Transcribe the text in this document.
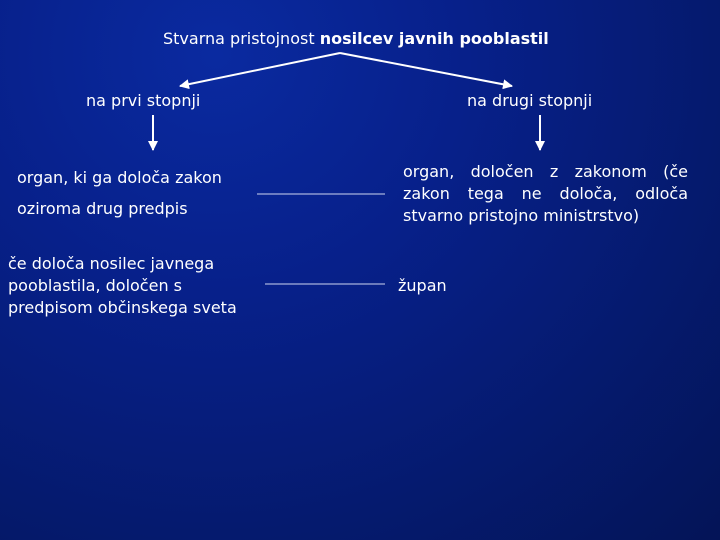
Stvarna pristojnost nosilcev javnih pooblastil
na prvi stopnji	na drugi stopnji
organ, ki ga določa zakon
oziroma drug predpis
če določa nosilec javnega pooblastila, določen s predpisom občinskega sveta
organ, določen z zakonom (če zakon tega ne določa, odloča stvarno pristojno ministrstvo)
župan
